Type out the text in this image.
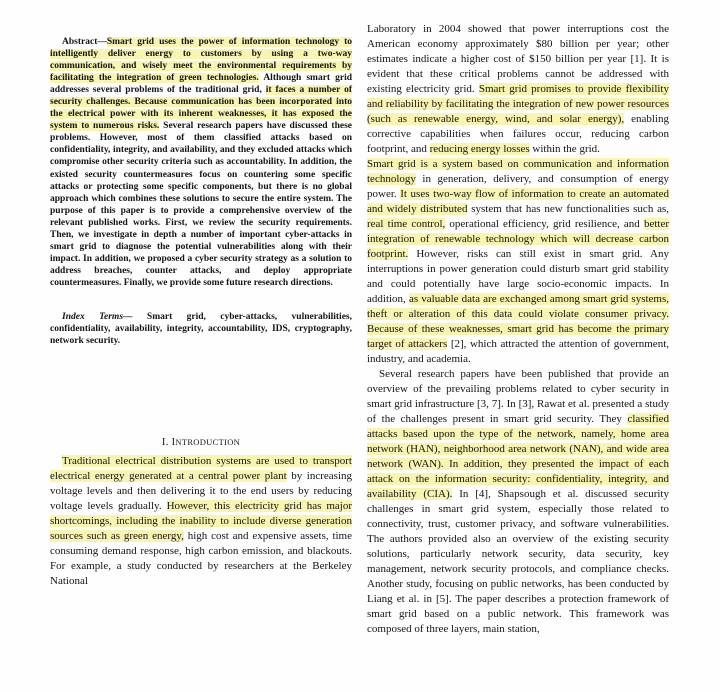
Abstract—Smart grid uses the power of information technology to intelligently deliver energy to customers by using a two-way communication, and wisely meet the environmental requirements by facilitating the integration of green technologies. Although smart grid addresses several problems of the traditional grid, it faces a number of security challenges. Because communication has been incorporated into the electrical power with its inherent weaknesses, it has exposed the system to numerous risks. Several research papers have discussed these problems. However, most of them classified attacks based on confidentiality, integrity, and availability, and they excluded attacks which compromise other security criteria such as accountability. In addition, the existed security countermeasures focus on countering some specific attacks or protecting some specific components, but there is no global approach which combines these solutions to secure the entire system. The purpose of this paper is to provide a comprehensive overview of the relevant published works. First, we review the security requirements. Then, we investigate in depth a number of important cyber-attacks in smart grid to diagnose the potential vulnerabilities along with their impact. In addition, we proposed a cyber security strategy as a solution to address breaches, counter attacks, and deploy appropriate countermeasures. Finally, we provide some future research directions.

Index Terms— Smart grid, cyber-attacks, vulnerabilities, confidentiality, availability, integrity, accountability, IDS, cryptography, network security.

I. INTRODUCTION

Traditional electrical distribution systems are used to transport electrical energy generated at a central power plant by increasing voltage levels and then delivering it to the end users by reducing voltage levels gradually. However, this electricity grid has major shortcomings, including the inability to include diverse generation sources such as green energy, high cost and expensive assets, time consuming demand response, high carbon emission, and blackouts. For example, a study conducted by researchers at the Berkeley National

Laboratory in 2004 showed that power interruptions cost the American economy approximately $80 billion per year; other estimates indicate a higher cost of $150 billion per year [1]. It is evident that these critical problems cannot be addressed with existing electricity grid. Smart grid promises to provide flexibility and reliability by facilitating the integration of new power resources (such as renewable energy, wind, and solar energy), enabling corrective capabilities when failures occur, reducing carbon footprint, and reducing energy losses within the grid.

Smart grid is a system based on communication and information technology in generation, delivery, and consumption of energy power. It uses two-way flow of information to create an automated and widely distributed system that has new functionalities such as, real time control, operational efficiency, grid resilience, and better integration of renewable technology which will decrease carbon footprint. However, risks can still exist in smart grid. Any interruptions in power generation could disturb smart grid stability and could potentially have large socio-economic impacts. In addition, as valuable data are exchanged among smart grid systems, theft or alteration of this data could violate consumer privacy. Because of these weaknesses, smart grid has become the primary target of attackers [2], which attracted the attention of government, industry, and academia.

Several research papers have been published that provide an overview of the prevailing problems related to cyber security in smart grid infrastructure [3, 7]. In [3], Rawat et al. presented a study of the challenges present in smart grid security. They classified attacks based upon the type of the network, namely, home area network (HAN), neighborhood area network (NAN), and wide area network (WAN). In addition, they presented the impact of each attack on the information security: confidentiality, integrity, and availability (CIA). In [4], Shapsough et al. discussed security challenges in smart grid system, especially those related to connectivity, trust, customer privacy, and software vulnerabilities. The authors provided also an overview of the existing security solutions, particularly network security, data security, key management, network security protocols, and compliance checks. Another study, focusing on public networks, has been conducted by Liang et al. in [5]. The paper describes a protection framework of smart grid based on a public network. This framework was composed of three layers, main station,
